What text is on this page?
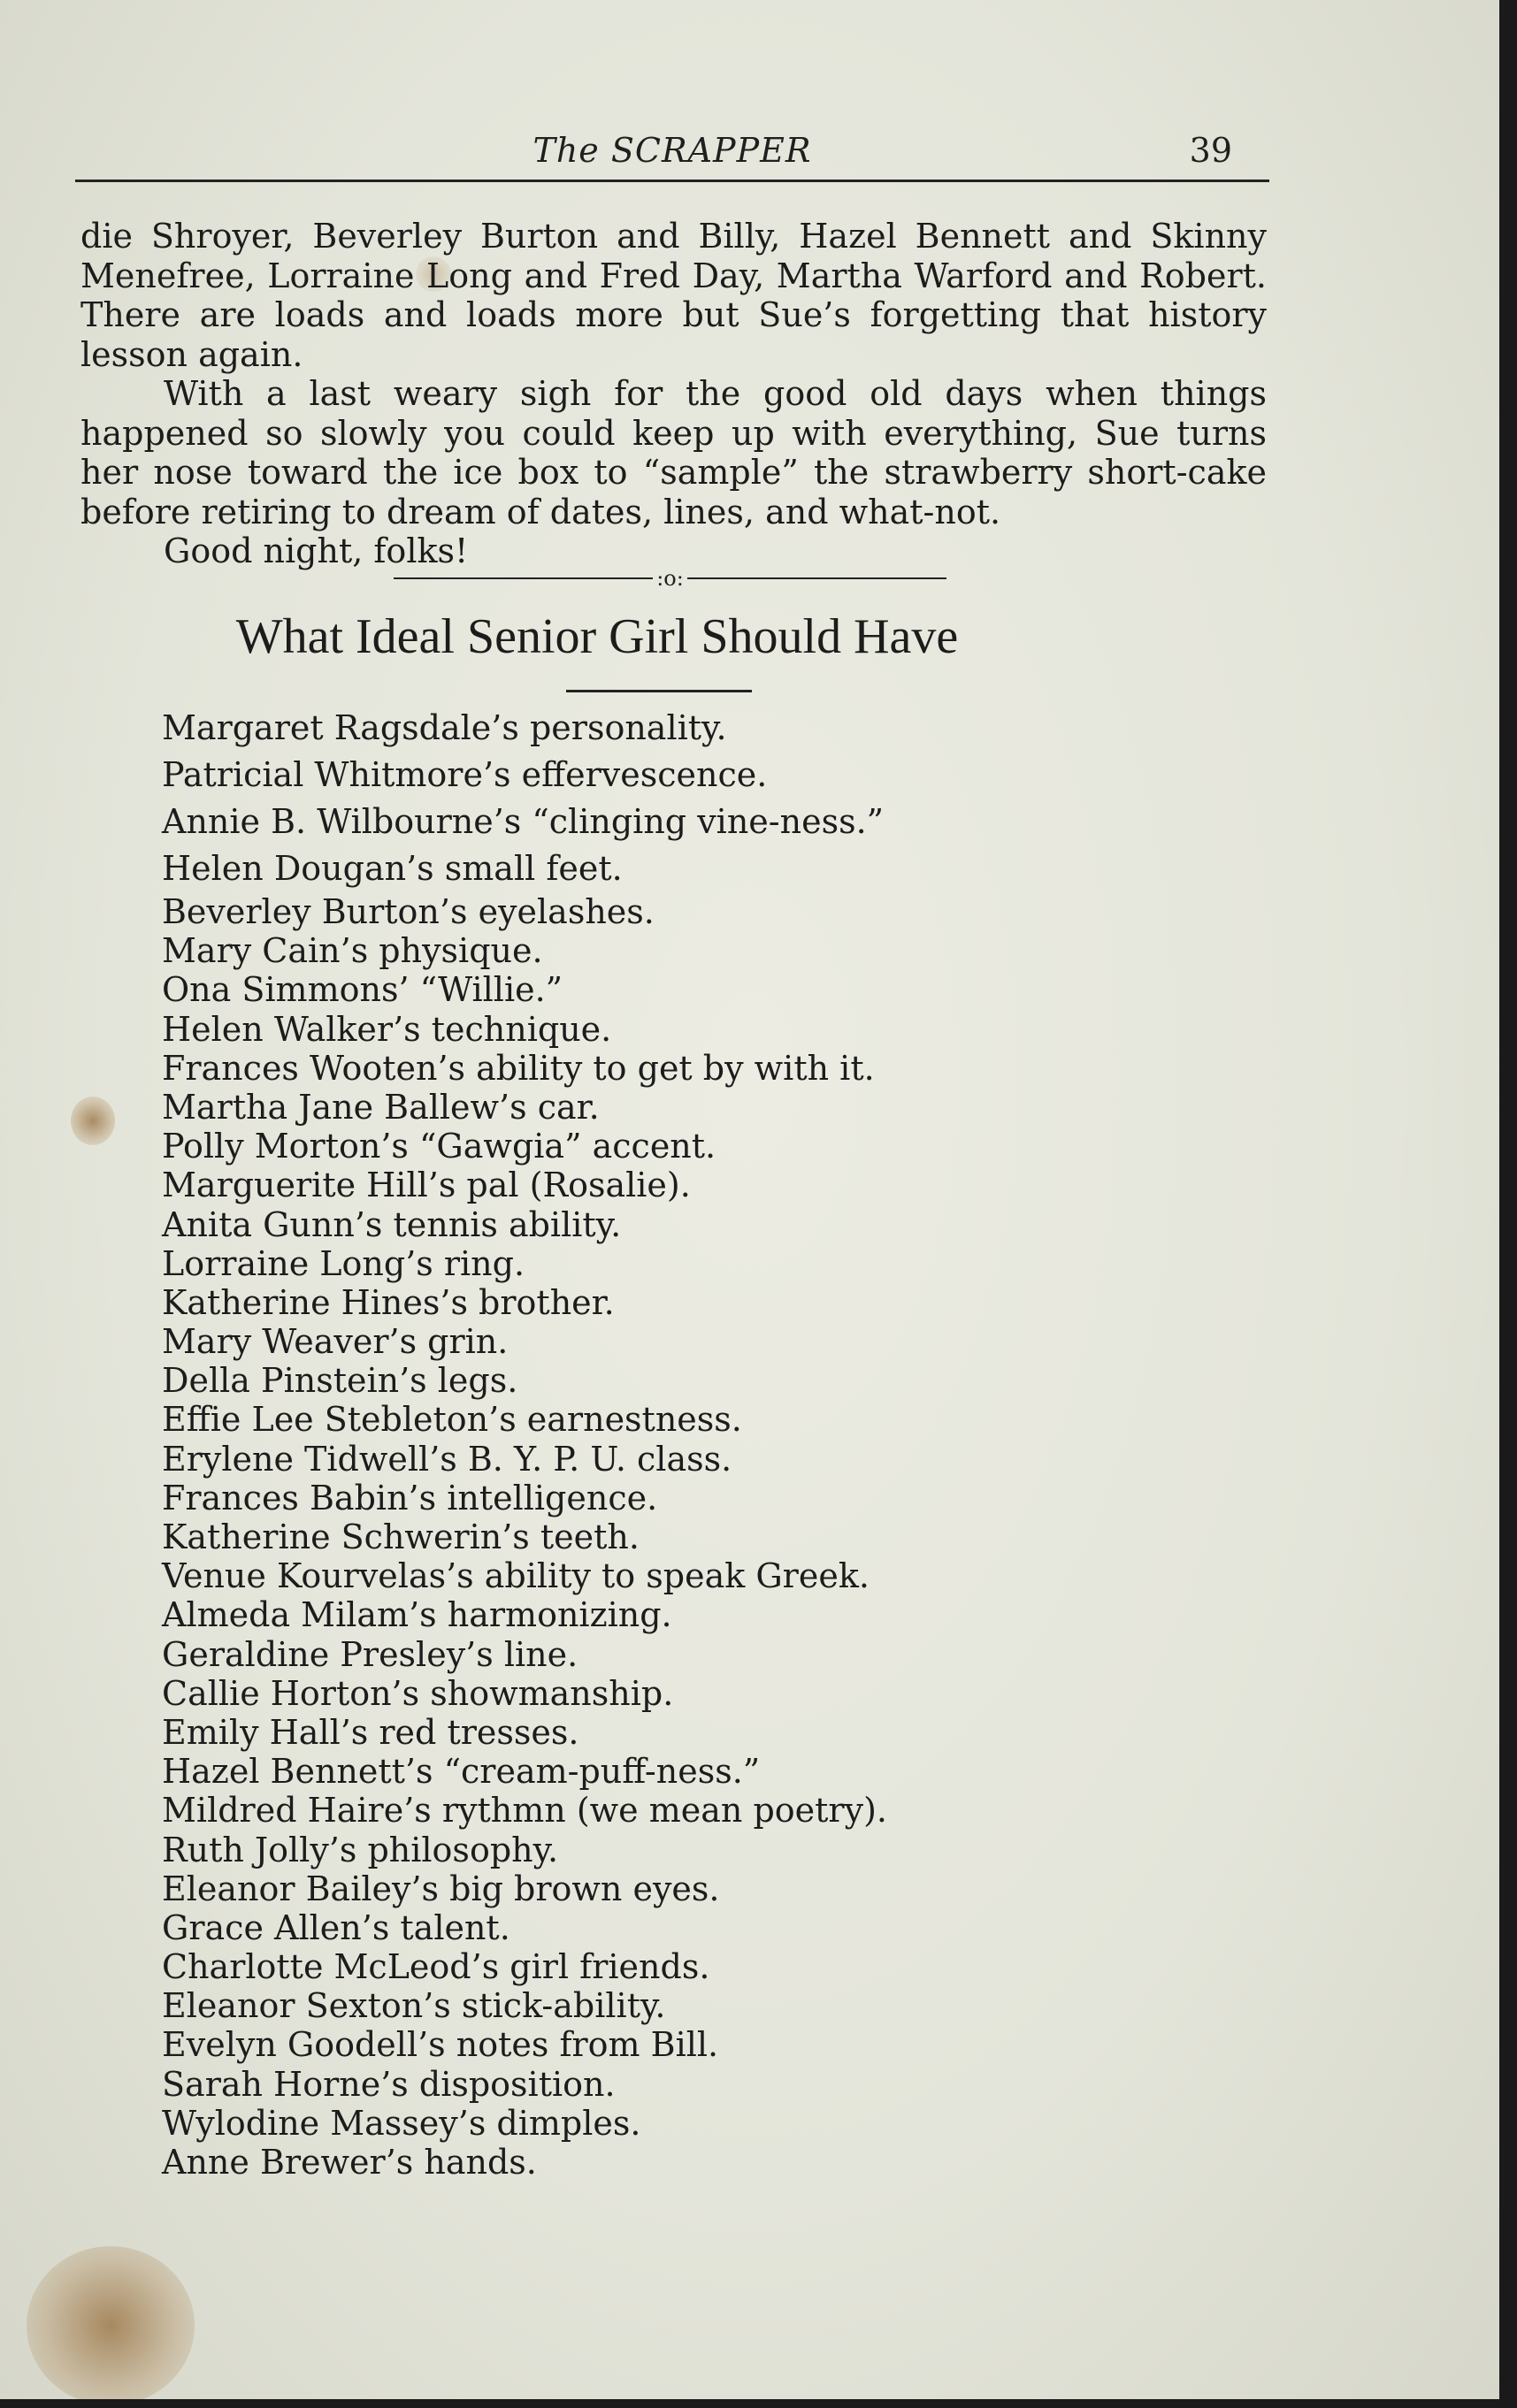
The SCRAPPER	39

die Shroyer, Beverley Burton and Billy, Hazel Bennett and Skinny Menefree, Lorraine Long and Fred Day, Martha Warford and Robert. There are loads and loads more but Sue’s forgetting that history lesson again.

With a last weary sigh for the good old days when things happened so slowly you could keep up with everything, Sue turns her nose toward the ice box to “sample” the strawberry short-cake before retiring to dream of dates, lines, and what-not.

Good night, folks!

:o:
What Ideal Senior Girl Should Have
Margaret Ragsdale’s personality.
Patricial Whitmore’s effervescence.
Annie B. Wilbourne’s “clinging vine-ness.”
Helen Dougan’s small feet.
Beverley Burton’s eyelashes.
Mary Cain’s physique.
Ona Simmons’ “Willie.”
Helen Walker’s technique.
Frances Wooten’s ability to get by with it.
Martha Jane Ballew’s car.
Polly Morton’s “Gawgia” accent.
Marguerite Hill’s pal (Rosalie).
Anita Gunn’s tennis ability.
Lorraine Long’s ring.
Katherine Hines’s brother.
Mary Weaver’s grin.
Della Pinstein’s legs.
Effie Lee Stebleton’s earnestness.
Erylene Tidwell’s B. Y. P. U. class.
Frances Babin’s intelligence.
Katherine Schwerin’s teeth.
Venue Kourvelas’s ability to speak Greek.
Almeda Milam’s harmonizing.
Geraldine Presley’s line.
Callie Horton’s showmanship.
Emily Hall’s red tresses.
Hazel Bennett’s “cream-puff-ness.”
Mildred Haire’s rythmn (we mean poetry).
Ruth Jolly’s philosophy.
Eleanor Bailey’s big brown eyes.
Grace Allen’s talent.
Charlotte McLeod’s girl friends.
Eleanor Sexton’s stick-ability.
Evelyn Goodell’s notes from Bill.
Sarah Horne’s disposition.
Wylodine Massey’s dimples.
Anne Brewer’s hands.
